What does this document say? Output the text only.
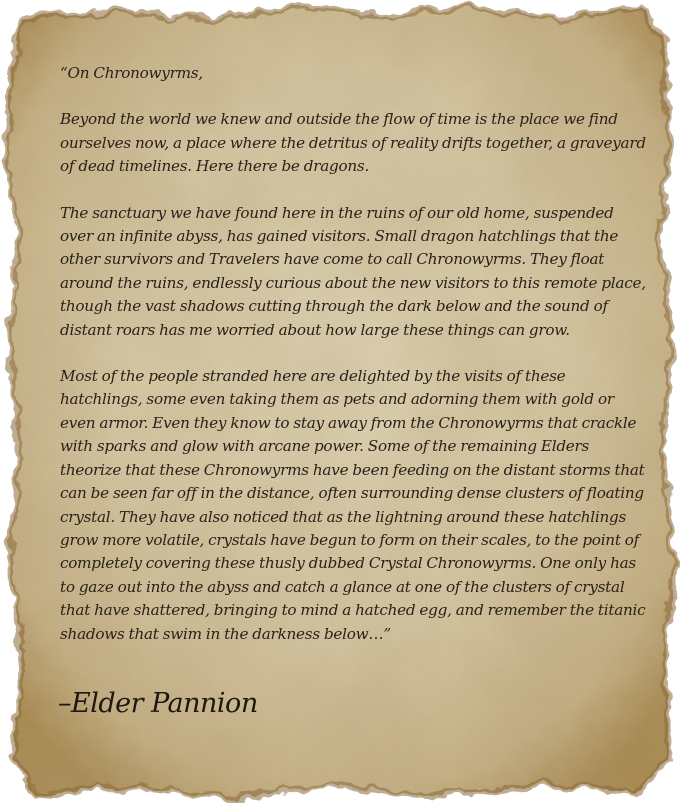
“On Chronowyrms,

Beyond the world we knew and outside the flow of time is the place we find ourselves now, a place where the detritus of reality drifts together, a graveyard of dead timelines. Here there be dragons.

The sanctuary we have found here in the ruins of our old home, suspended over an infinite abyss, has gained visitors. Small dragon hatchlings that the other survivors and Travelers have come to call Chronowyrms. They float around the ruins, endlessly curious about the new visitors to this remote place, though the vast shadows cutting through the dark below and the sound of distant roars has me worried about how large these things can grow.

Most of the people stranded here are delighted by the visits of these hatchlings, some even taking them as pets and adorning them with gold or even armor. Even they know to stay away from the Chronowyrms that crackle with sparks and glow with arcane power. Some of the remaining Elders theorize that these Chronowyrms have been feeding on the distant storms that can be seen far off in the distance, often surrounding dense clusters of floating crystal. They have also noticed that as the lightning around these hatchlings grow more volatile, crystals have begun to form on their scales, to the point of completely covering these thusly dubbed Crystal Chronowyrms. One only has to gaze out into the abyss and catch a glance at one of the clusters of crystal that have shattered, bringing to mind a hatched egg, and remember the titanic shadows that swim in the darkness below…”

–Elder Pannion
